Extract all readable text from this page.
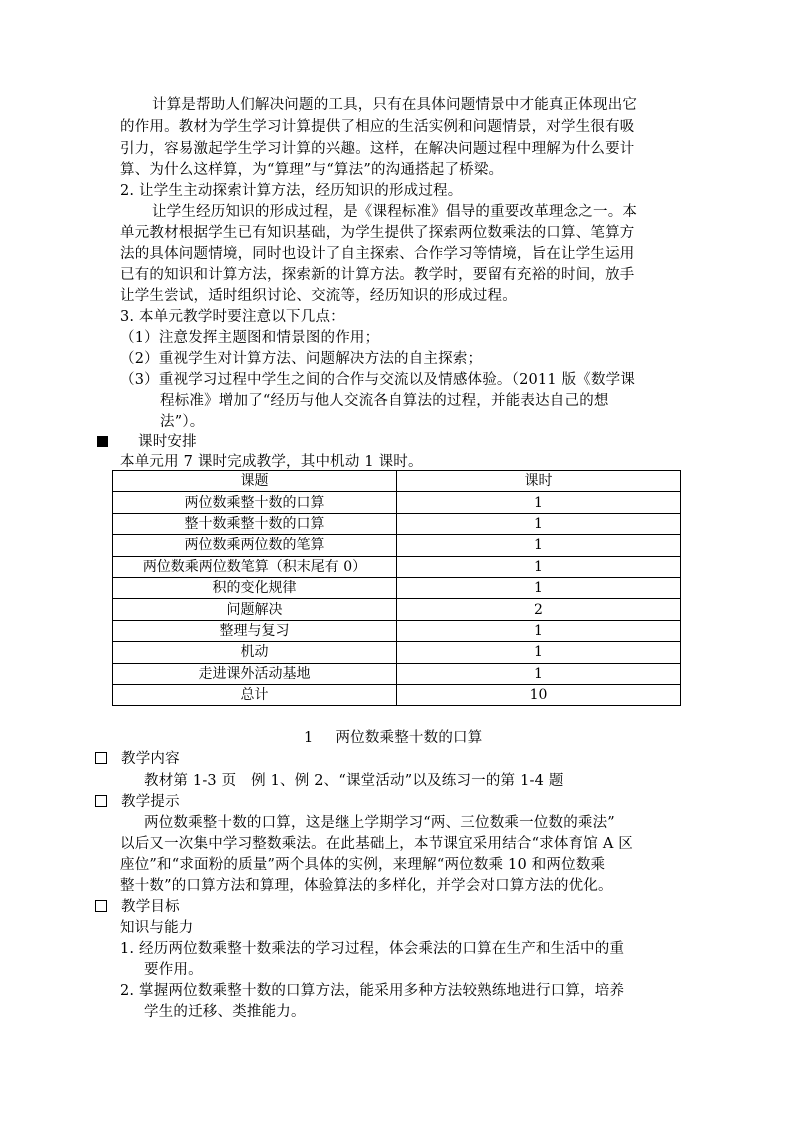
计算是帮助人们解决问题的工具，只有在具体问题情景中才能真正体现出它
的作用。教材为学生学习计算提供了相应的生活实例和问题情景，对学生很有吸
引力，容易激起学生学习计算的兴趣。这样，在解决问题过程中理解为什么要计
算、为什么这样算，为“算理”与“算法”的沟通搭起了桥梁。
2. 让学生主动探索计算方法，经历知识的形成过程。
让学生经历知识的形成过程，是《课程标准》倡导的重要改革理念之一。本
单元教材根据学生已有知识基础，为学生提供了探索两位数乘法的口算、笔算方
法的具体问题情境，同时也设计了自主探索、合作学习等情境，旨在让学生运用
已有的知识和计算方法，探索新的计算方法。教学时，要留有充裕的时间，放手
让学生尝试，适时组织讨论、交流等，经历知识的形成过程。
3. 本单元教学时要注意以下几点：
（1）注意发挥主题图和情景图的作用；
（2）重视学生对计算方法、问题解决方法的自主探索；
（3）重视学习过程中学生之间的合作与交流以及情感体验。（2011 版《数学课
程标准》增加了“经历与他人交流各自算法的过程，并能表达自己的想
法”）。
课时安排
本单元用 7 课时完成教学，其中机动 1 课时。
课题	课时
两位数乘整十数的口算	1
整十数乘整十数的口算	1
两位数乘两位数的笔算	1
两位数乘两位数笔算（积末尾有 0）	1
积的变化规律	1
问题解决	2
整理与复习	1
机动	1
走进课外活动基地	1
总计	10
1 两位数乘整十数的口算
教学内容
教材第 1-3 页　例 1、例 2、“课堂活动”以及练习一的第 1-4 题
教学提示
两位数乘整十数的口算，这是继上学期学习“两、三位数乘一位数的乘法”
以后又一次集中学习整数乘法。在此基础上，本节课宜采用结合“求体育馆 A 区
座位”和“求面粉的质量”两个具体的实例，来理解“两位数乘 10 和两位数乘
整十数”的口算方法和算理，体验算法的多样化，并学会对口算方法的优化。
教学目标
知识与能力
1. 经历两位数乘整十数乘法的学习过程，体会乘法的口算在生产和生活中的重
要作用。
2. 掌握两位数乘整十数的口算方法，能采用多种方法较熟练地进行口算，培养
学生的迁移、类推能力。
